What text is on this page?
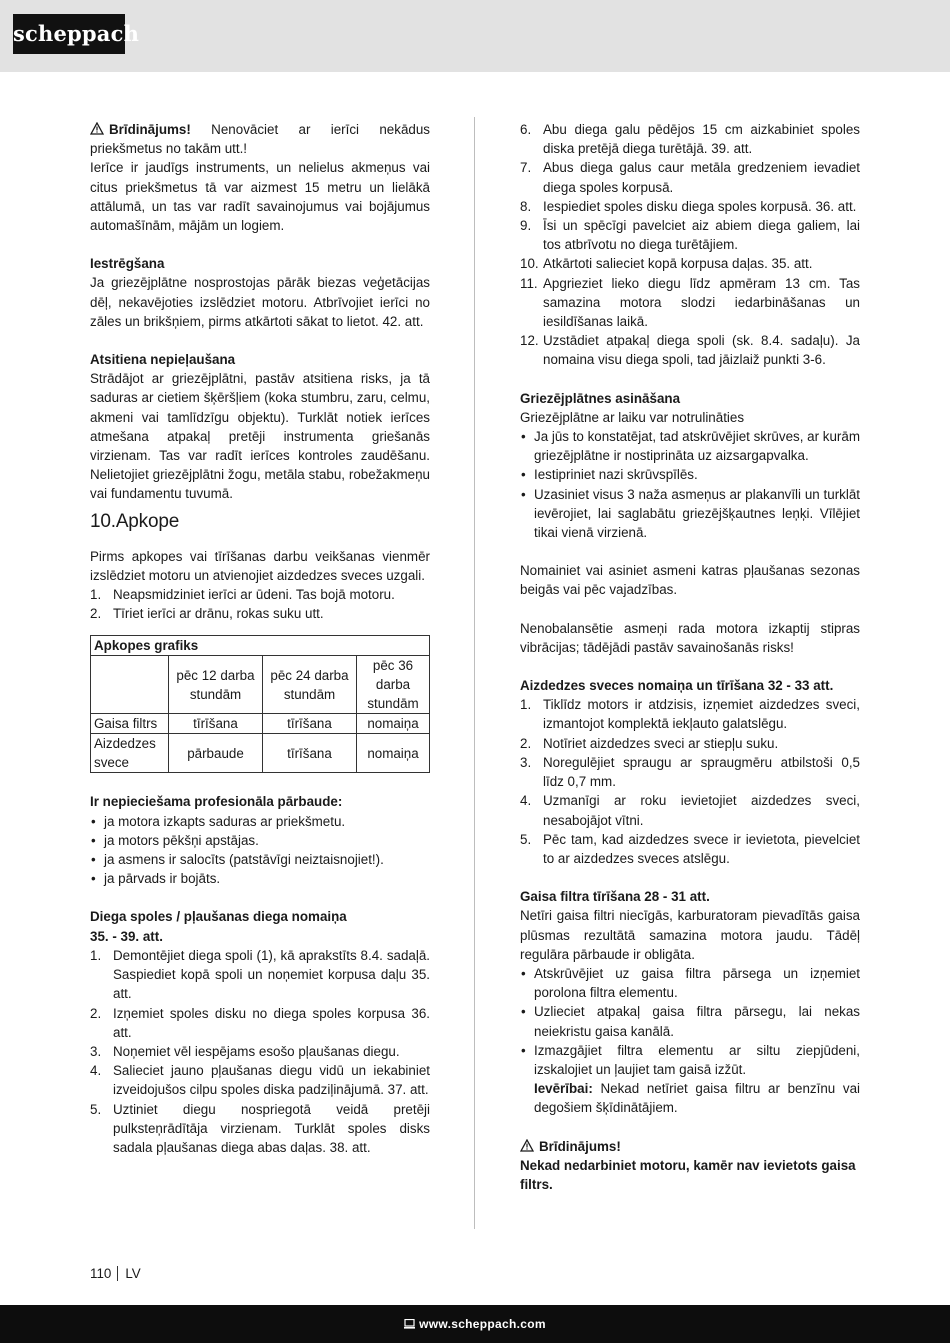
scheppach

Brīdinājums! Nenovāciet ar ierīci nekādus priekšmetus no takām utt.!

Ierīce ir jaudīgs instruments, un nelielus akmeņus vai citus priekšmetus tā var aizmest 15 metru un lielākā attālumā, un tas var radīt savainojumus vai bojājumus automašīnām, mājām un logiem.

Iestrēgšana

Ja griezējplātne nosprostojas pārāk biezas veģetācijas dēļ, nekavējoties izslēdziet motoru. Atbrīvojiet ierīci no zāles un brikšņiem, pirms atkārtoti sākat to lietot. 42. att.

Atsitiena nepieļaušana

Strādājot ar griezējplātni, pastāv atsitiena risks, ja tā saduras ar cietiem šķēršļiem (koka stumbru, zaru, celmu, akmeni vai tamlīdzīgu objektu). Turklāt notiek ierīces atmešana atpakaļ pretēji instrumenta griešanās virzienam. Tas var radīt ierīces kontroles zaudēšanu. Nelietojiet griezējplātni žogu, metāla stabu, robežakmeņu vai fundamentu tuvumā.

10.Apkope

Pirms apkopes vai tīrīšanas darbu veikšanas vienmēr izslēdziet motoru un atvienojiet aizdedzes sveces uzgali.

1. Neapsmidziniet ierīci ar ūdeni. Tas bojā motoru.
2. Tīriet ierīci ar drānu, rokas suku utt.
Apkopes grafiks			
	pēc 12 darba stundām	pēc 24 darba stundām	pēc 36 darba stundām
Gaisa filtrs	tīrīšana	tīrīšana	nomaiņa
Aizdedzes svece	pārbaude	tīrīšana	nomaiņa

Ir nepieciešama profesionāla pārbaude:

• ja motora izkapts saduras ar priekšmetu.
• ja motors pēkšņi apstājas.
• ja asmens ir salocīts (patstāvīgi neiztaisnojiet!).
• ja pārvads ir bojāts.

Diega spoles / pļaušanas diega nomaiņa

35. - 39. att.

1. Demontējiet diega spoli (1), kā aprakstīts 8.4. sadaļā. Saspiediet kopā spoli un noņemiet korpusa daļu 35. att.
2. Izņemiet spoles disku no diega spoles korpusa 36. att.
3. Noņemiet vēl iespējams esošo pļaušanas diegu.
4. Salieciet jauno pļaušanas diegu vidū un iekabiniet izveidojušos cilpu spoles diska padziļinājumā. 37. att.
5. Uztiniet diegu nospriegotā veidā pretēji pulksteņrādītāja virzienam. Turklāt spoles disks sadala pļaušanas diega abas daļas. 38. att.
6. Abu diega galu pēdējos 15 cm aizkabiniet spoles diska pretējā diega turētājā. 39. att.
7. Abus diega galus caur metāla gredzeniem ievadiet diega spoles korpusā.
8. Iespiediet spoles disku diega spoles korpusā. 36. att.
9. Īsi un spēcīgi pavelciet aiz abiem diega galiem, lai tos atbrīvotu no diega turētājiem.
10. Atkārtoti salieciet kopā korpusa daļas. 35. att.
11. Apgrieziet lieko diegu līdz apmēram 13 cm. Tas samazina motora slodzi iedarbināšanas un iesildīšanas laikā.
12. Uzstādiet atpakaļ diega spoli (sk. 8.4. sadaļu). Ja nomaina visu diega spoli, tad jāizlaiž punkti 3-6.

Griezējplātnes asināšana

Griezējplātne ar laiku var notrulināties

• Ja jūs to konstatējat, tad atskrūvējiet skrūves, ar kurām griezējplātne ir nostiprināta uz aizsargapvalka.
• Iestipriniet nazi skrūvspīlēs.
• Uzasiniet visus 3 naža asmeņus ar plakanvīli un turklāt ievērojiet, lai saglabātu griezējšķautnes leņķi. Vīlējiet tikai vienā virzienā.

Nomainiet vai asiniet asmeni katras pļaušanas sezonas beigās vai pēc vajadzības.

Nenobalansētie asmeņi rada motora izkaptij stipras vibrācijas; tādējādi pastāv savainošanās risks!

Aizdedzes sveces nomaiņa un tīrīšana 32 - 33 att.

1. Tiklīdz motors ir atdzisis, izņemiet aizdedzes sveci, izmantojot komplektā iekļauto galatslēgu.
2. Notīriet aizdedzes sveci ar stiepļu suku.
3. Noregulējiet spraugu ar spraugmēru atbilstoši 0,5 līdz 0,7 mm.
4. Uzmanīgi ar roku ievietojiet aizdedzes sveci, nesabojājot vītni.
5. Pēc tam, kad aizdedzes svece ir ievietota, pievelciet to ar aizdedzes sveces atslēgu.

Gaisa filtra tīrīšana 28 - 31 att.

Netīri gaisa filtri niecīgās, karburatoram pievadītās gaisa plūsmas rezultātā samazina motora jaudu. Tādēļ regulāra pārbaude ir obligāta.

• Atskrūvējiet uz gaisa filtra pārsega un izņemiet porolona filtra elementu.
• Uzlieciet atpakaļ gaisa filtra pārsegu, lai nekas neiekristu gaisa kanālā.
• Izmazgājiet filtra elementu ar siltu ziepjūdeni, izskalojiet un ļaujiet tam gaisā izžūt.

Ievērībai: Nekad netīriet gaisa filtru ar benzīnu vai degošiem šķīdinātājiem.

Brīdinājums!

Nekad nedarbiniet motoru, kamēr nav ievietots gaisa filtrs.

110 LV
www.scheppach.com
